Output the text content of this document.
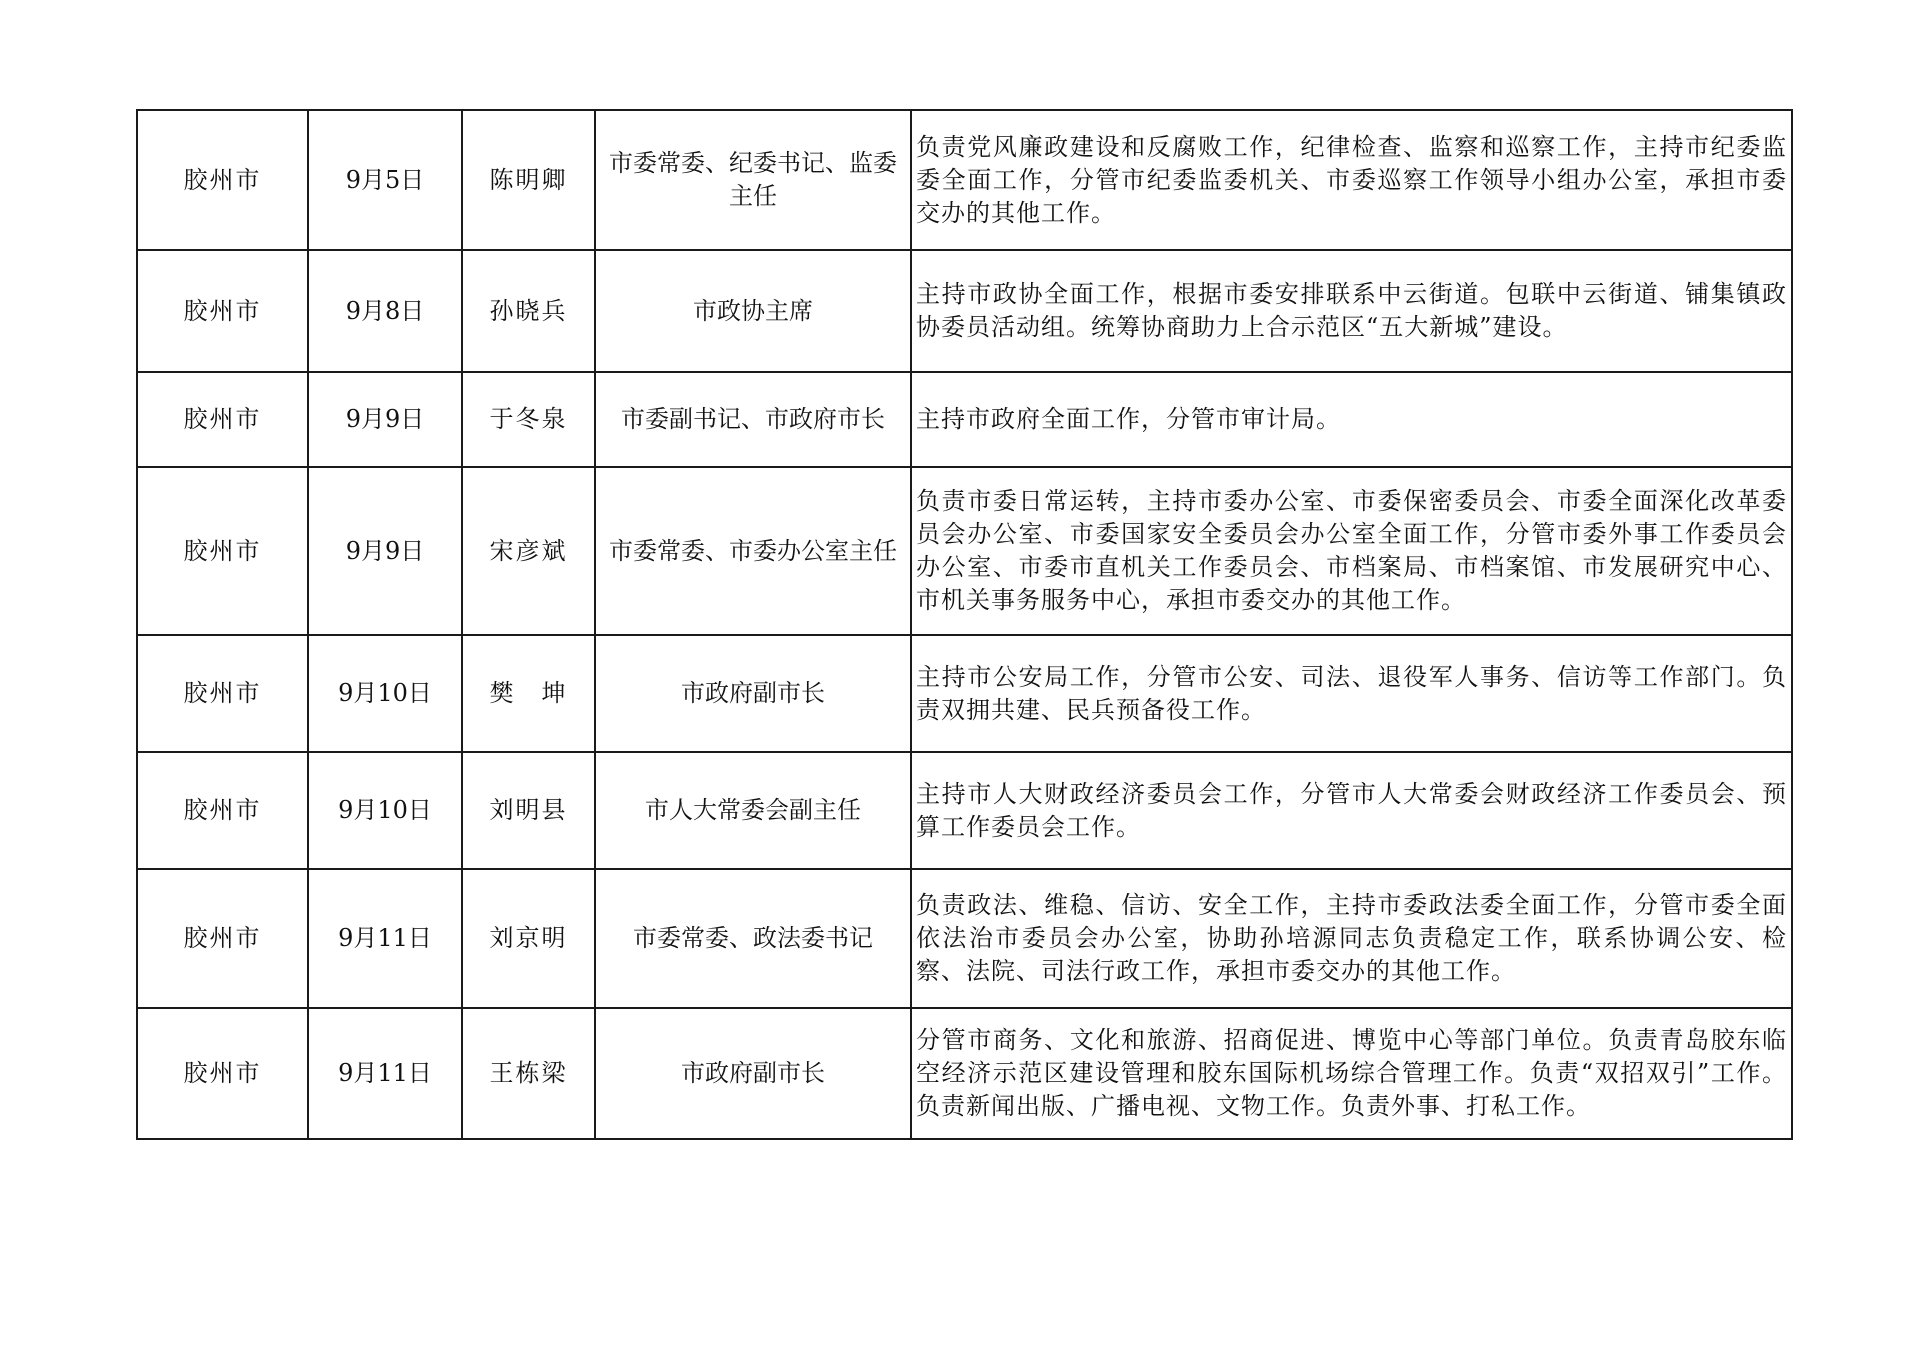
胶州市	9月5日	陈明卿	市委常委、纪委书记、监委主任	负责党风廉政建设和反腐败工作，纪律检查、监察和巡察工作，主持市纪委监委全面工作，分管市纪委监委机关、市委巡察工作领导小组办公室，承担市委交办的其他工作。
胶州市	9月8日	孙晓兵	市政协主席	主持市政协全面工作，根据市委安排联系中云街道。包联中云街道、铺集镇政协委员活动组。统筹协商助力上合示范区“五大新城”建设。
胶州市	9月9日	于冬泉	市委副书记、市政府市长	主持市政府全面工作，分管市审计局。
胶州市	9月9日	宋彦斌	市委常委、市委办公室主任	负责市委日常运转，主持市委办公室、市委保密委员会、市委全面深化改革委员会办公室、市委国家安全委员会办公室全面工作，分管市委外事工作委员会办公室、市委市直机关工作委员会、市档案局、市档案馆、市发展研究中心、市机关事务服务中心，承担市委交办的其他工作。
胶州市	9月10日	樊　坤	市政府副市长	主持市公安局工作，分管市公安、司法、退役军人事务、信访等工作部门。负责双拥共建、民兵预备役工作。
胶州市	9月10日	刘明县	市人大常委会副主任	主持市人大财政经济委员会工作，分管市人大常委会财政经济工作委员会、预算工作委员会工作。
胶州市	9月11日	刘京明	市委常委、政法委书记	负责政法、维稳、信访、安全工作，主持市委政法委全面工作，分管市委全面依法治市委员会办公室，协助孙培源同志负责稳定工作，联系协调公安、检察、法院、司法行政工作，承担市委交办的其他工作。
胶州市	9月11日	王栋梁	市政府副市长	分管市商务、文化和旅游、招商促进、博览中心等部门单位。负责青岛胶东临空经济示范区建设管理和胶东国际机场综合管理工作。负责“双招双引”工作。负责新闻出版、广播电视、文物工作。负责外事、打私工作。
